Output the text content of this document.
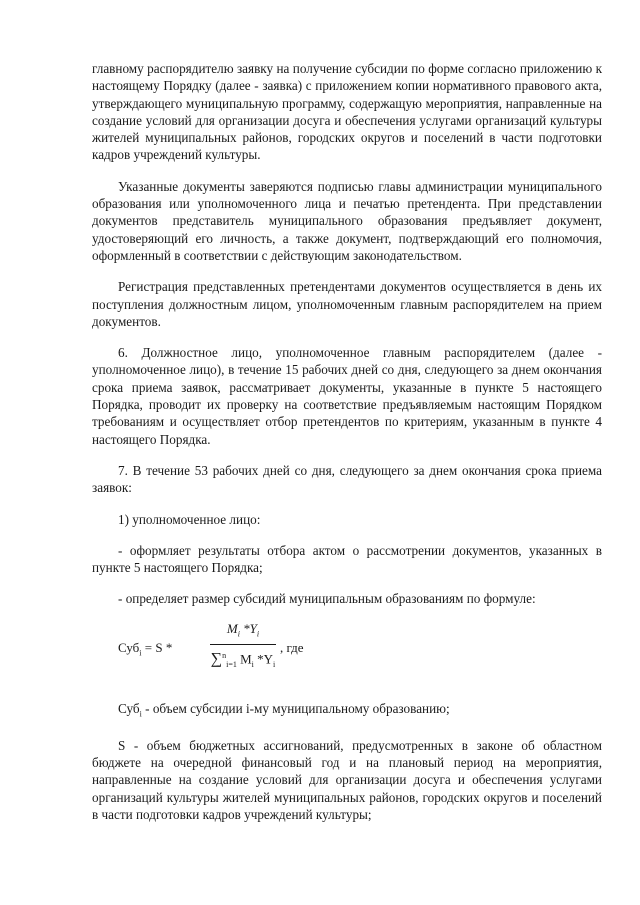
главному распорядителю заявку на получение субсидии по форме согласно приложению к настоящему Порядку (далее - заявка) с приложением копии нормативного правового акта, утверждающего муниципальную программу, содержащую мероприятия, направленные на создание условий для организации досуга и обеспечения услугами организаций культуры жителей муниципальных районов, городских округов и поселений в части подготовки кадров учреждений культуры.

Указанные документы заверяются подписью главы администрации муниципального образования или уполномоченного лица и печатью претендента. При представлении документов представитель муниципального образования предъявляет документ, удостоверяющий его личность, а также документ, подтверждающий его полномочия, оформленный в соответствии с действующим законодательством.

Регистрация представленных претендентами документов осуществляется в день их поступления должностным лицом, уполномоченным главным распорядителем на прием документов.

6. Должностное лицо, уполномоченное главным распорядителем (далее - уполномоченное лицо), в течение 15 рабочих дней со дня, следующего за днем окончания срока приема заявок, рассматривает документы, указанные в пункте 5 настоящего Порядка, проводит их проверку на соответствие предъявляемым настоящим Порядком требованиям и осуществляет отбор претендентов по критериям, указанным в пункте 4 настоящего Порядка.

7. В течение 53 рабочих дней со дня, следующего за днем окончания срока приема заявок:

1) уполномоченное лицо:

- оформляет результаты отбора актом о рассмотрении документов, указанных в пункте 5 настоящего Порядка;

- определяет размер субсидий муниципальным образованиям по формуле:

Суб$_i$ = S *	$\frac{M_i *Y_i}{\sum^n_{i=1} M_i *Y_i}$ , где

Суб$_i$ - объем субсидии i-му муниципальному образованию;

S - объем бюджетных ассигнований, предусмотренных в законе об областном бюджете на очередной финансовый год и на плановый период на мероприятия, направленные на создание условий для организации досуга и обеспечения услугами организаций культуры жителей муниципальных районов, городских округов и поселений в части подготовки кадров учреждений культуры;
